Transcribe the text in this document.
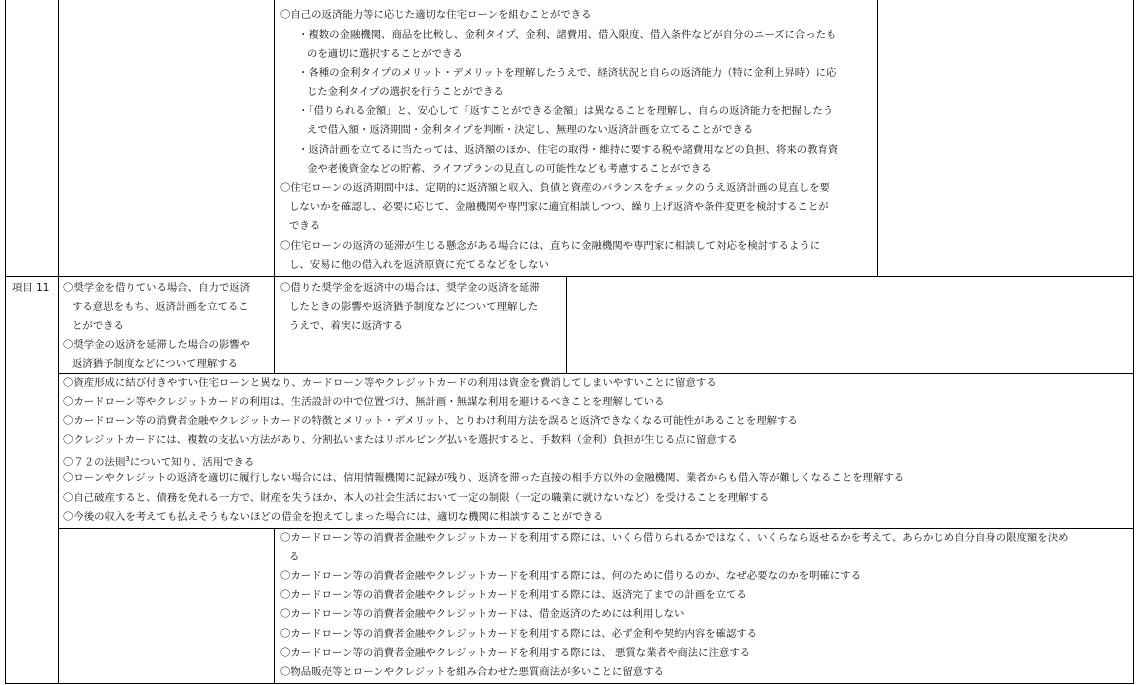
〇自己の返済能力等に応じた適切な住宅ローンを組むことができる
・複数の金融機関、商品を比較し、金利タイプ、金利、諸費用、借入限度、借入条件などが自分のニーズに合ったも
のを適切に選択することができる
・各種の金利タイプのメリット・デメリットを理解したうえで、経済状況と自らの返済能力（特に金利上昇時）に応
じた金利タイプの選択を行うことができる
・「借りられる金額」と、安心して「返すことができる金額」は異なることを理解し、自らの返済能力を把握したう
えで借入額・返済期間・金利タイプを判断・決定し、無理のない返済計画を立てることができる
・返済計画を立てるに当たっては、返済額のほか、住宅の取得・維持に要する税や諸費用などの負担、将来の教育資
金や老後資金などの貯蓄、ライフプランの見直しの可能性なども考慮することができる
〇住宅ローンの返済期間中は、定期的に返済額と収入、負債と資産のバランスをチェックのうえ返済計画の見直しを要
しないかを確認し、必要に応じて、金融機関や専門家に適宜相談しつつ、繰り上げ返済や条件変更を検討することが
できる
〇住宅ローンの返済の延滞が生じる懸念がある場合には、直ちに金融機関や専門家に相談して対応を検討するように
し、安易に他の借入れを返済原資に充てるなどをしない
項目 11 〇奨学金を借りている場合、自力で返済
する意思をもち、返済計画を立てるこ
とができる
〇奨学金の返済を延滞した場合の影響や
返済猶予制度などについて理解する
〇借りた奨学金を返済中の場合は、奨学金の返済を延滞
したときの影響や返済猶予制度などについて理解した
うえで、着実に返済する
〇資産形成に結び付きやすい住宅ローンと異なり、カードローン等やクレジットカードの利用は資金を費消してしまいやすいことに留意する
〇カードローン等やクレジットカードの利用は、生活設計の中で位置づけ、無計画・無謀な利用を避けるべきことを理解している
〇カードローン等の消費者金融やクレジットカードの特徴とメリット・デメリット、とりわけ利用方法を誤ると返済できなくなる可能性があることを理解する
〇クレジットカードには、複数の支払い方法があり、分割払いまたはリボルビング払いを選択すると、手数料（金利）負担が生じる点に留意する
〇７２の法則$^3$について知り、活用できる
〇ローンやクレジットの返済を適切に履行しない場合には、信用情報機関に記録が残り、返済を滞った直接の相手方以外の金融機関、業者からも借入等が難しくなることを理解する
〇自己破産すると、債務を免れる一方で、財産を失うほか、本人の社会生活において一定の制限（一定の職業に就けないなど）を受けることを理解する
〇今後の収入を考えても払えそうもないほどの借金を抱えてしまった場合には、適切な機関に相談することができる
〇カードローン等の消費者金融やクレジットカードを利用する際には、いくら借りられるかではなく、いくらなら返せるかを考えて、あらかじめ自分自身の限度額を決め
る
〇カードローン等の消費者金融やクレジットカードを利用する際には、何のために借りるのか、なぜ必要なのかを明確にする
〇カードローン等の消費者金融やクレジットカードを利用する際には、返済完了までの計画を立てる
〇カードローン等の消費者金融やクレジットカードは、借金返済のためには利用しない
〇カードローン等の消費者金融やクレジットカードを利用する際には、必ず金利や契約内容を確認する
〇カードローン等の消費者金融やクレジットカードを利用する際には、 悪質な業者や商法に注意する
〇物品販売等とローンやクレジットを組み合わせた悪質商法が多いことに留意する
